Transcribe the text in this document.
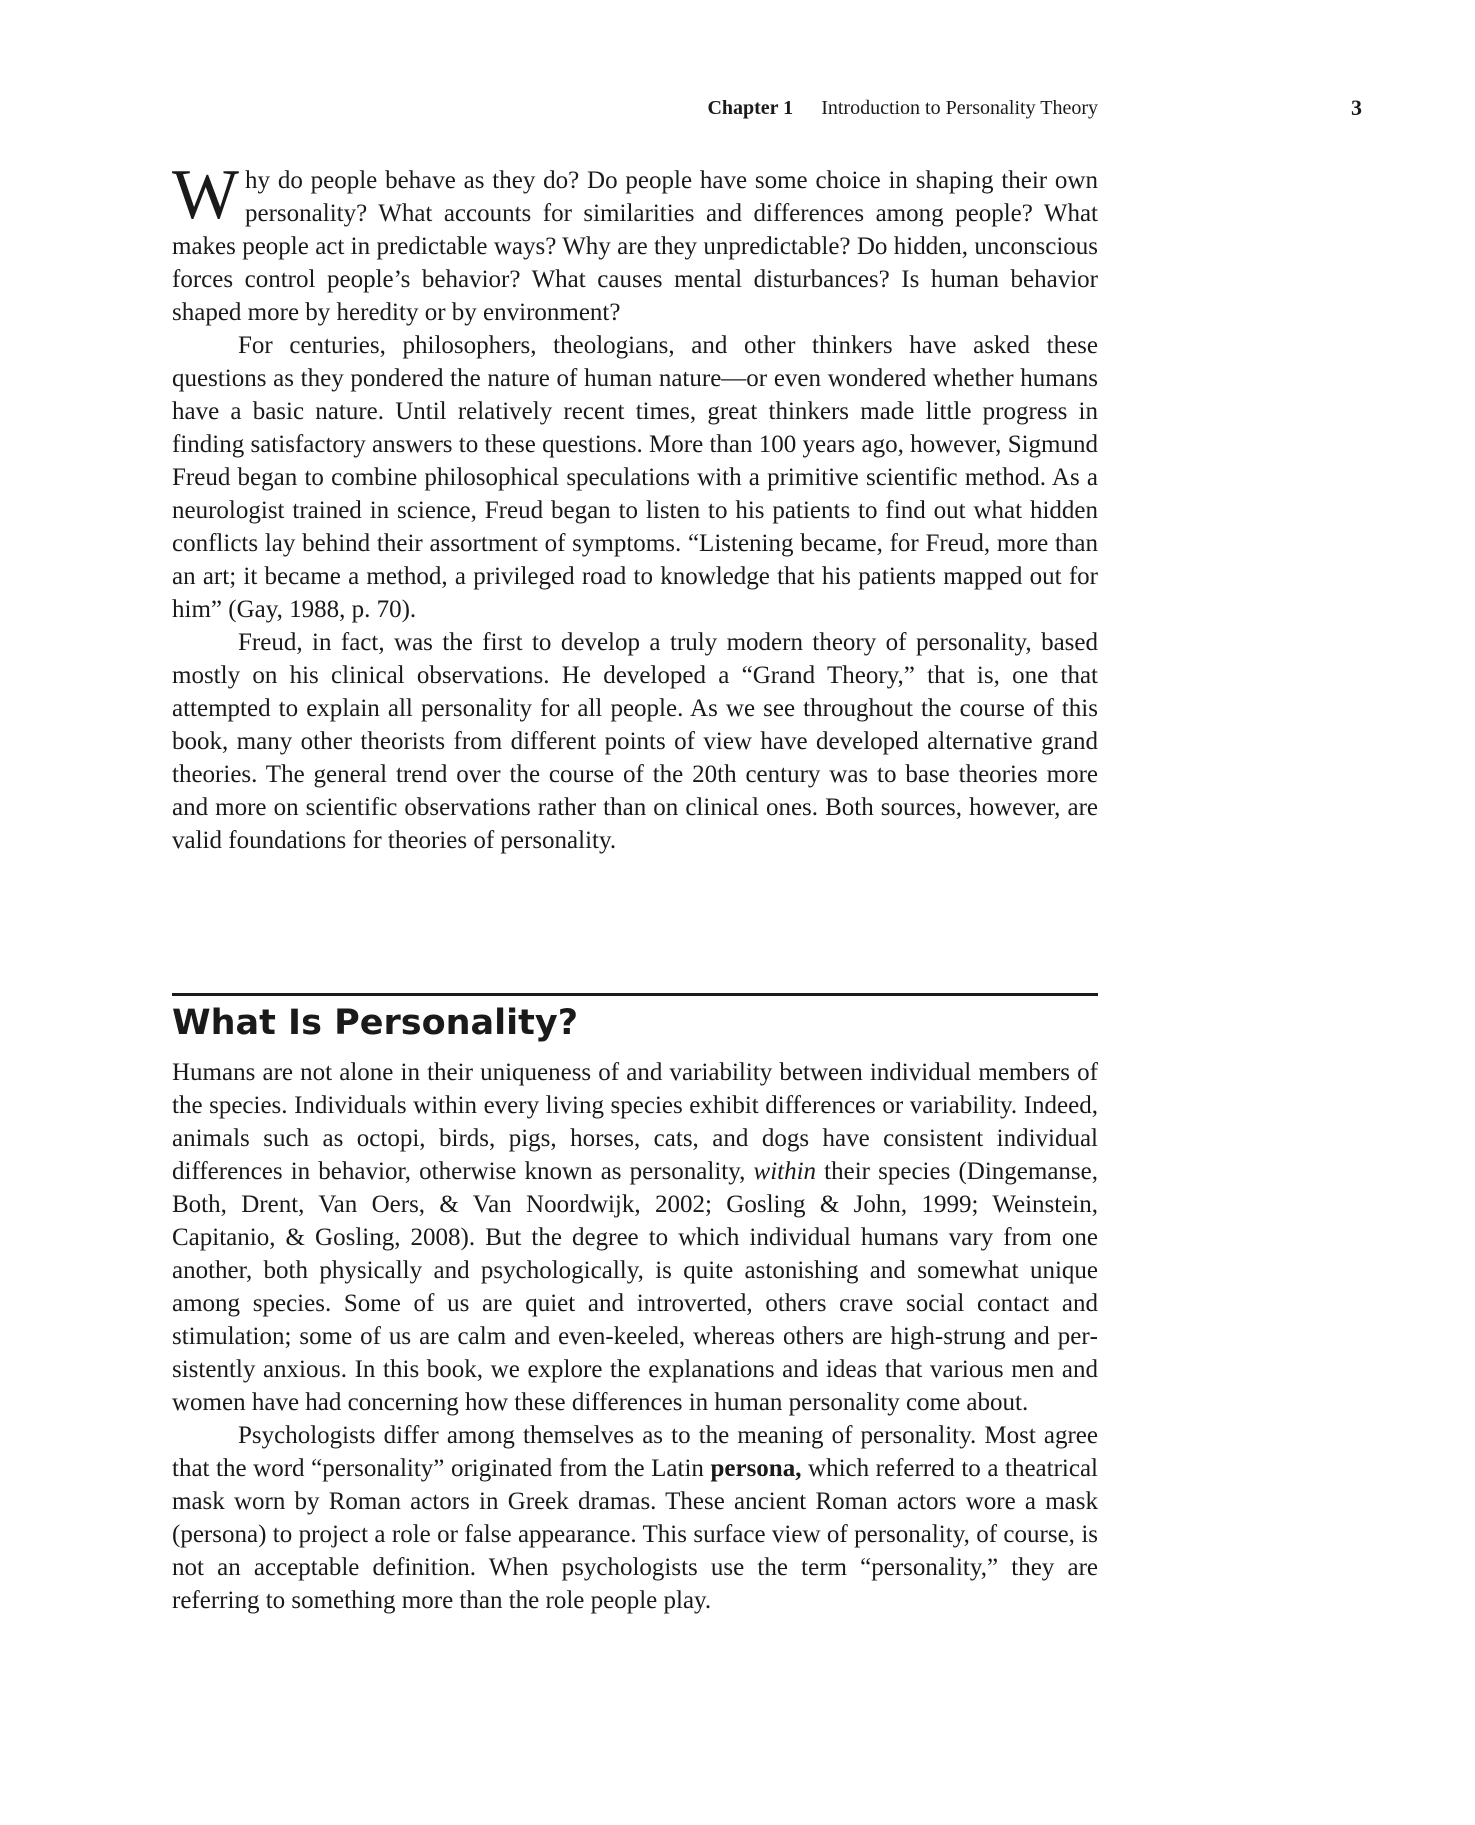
Chapter 1 Introduction to Personality Theory	3

Why do people behave as they do? Do people have some choice in shaping their own personality? What accounts for similarities and differences among people? What makes people act in predictable ways? Why are they unpredictable? Do hidden, unconscious forces control people’s behavior? What causes mental disturbances? Is human behavior shaped more by heredity or by environment?

For centuries, philosophers, theologians, and other thinkers have asked these questions as they pondered the nature of human nature—or even wondered whether humans have a basic nature. Until relatively recent times, great thinkers made little progress in finding satisfactory answers to these questions. More than 100 years ago, however, Sigmund Freud began to combine philosophical speculations with a primitive scientific method. As a neurologist trained in science, Freud began to listen to his patients to find out what hidden conflicts lay behind their assortment of symptoms. “Listening became, for Freud, more than an art; it became a method, a privileged road to knowledge that his patients mapped out for him” (Gay, 1988, p. 70).

Freud, in fact, was the first to develop a truly modern theory of personality, based mostly on his clinical observations. He developed a “Grand Theory,” that is, one that attempted to explain all personality for all people. As we see throughout the course of this book, many other theorists from different points of view have developed alternative grand theories. The general trend over the course of the 20th century was to base theories more and more on scientific observations rather than on clinical ones. Both sources, however, are valid foundations for theories of personality.

What Is Personality?

Humans are not alone in their uniqueness of and variability between individual members of the species. Individuals within every living species exhibit differences or variability. Indeed, animals such as octopi, birds, pigs, horses, cats, and dogs have consistent individual differences in behavior, otherwise known as personality, within their species (Dingemanse, Both, Drent, Van Oers, & Van Noordwijk, 2002; Gosling & John, 1999; Weinstein, Capitanio, & Gosling, 2008). But the degree to which individual humans vary from one another, both physically and psychologically, is quite astonishing and somewhat unique among species. Some of us are quiet and introverted, others crave social contact and stimulation; some of us are calm and even-keeled, whereas others are high-strung and persistently anxious. In this book, we explore the explanations and ideas that various men and women have had concerning how these differences in human personality come about.

Psychologists differ among themselves as to the meaning of personality. Most agree that the word “personality” originated from the Latin persona, which referred to a theatrical mask worn by Roman actors in Greek dramas. These ancient Roman actors wore a mask (persona) to project a role or false appearance. This surface view of personality, of course, is not an acceptable definition. When psychologists use the term “personality,” they are referring to something more than the role people play.
